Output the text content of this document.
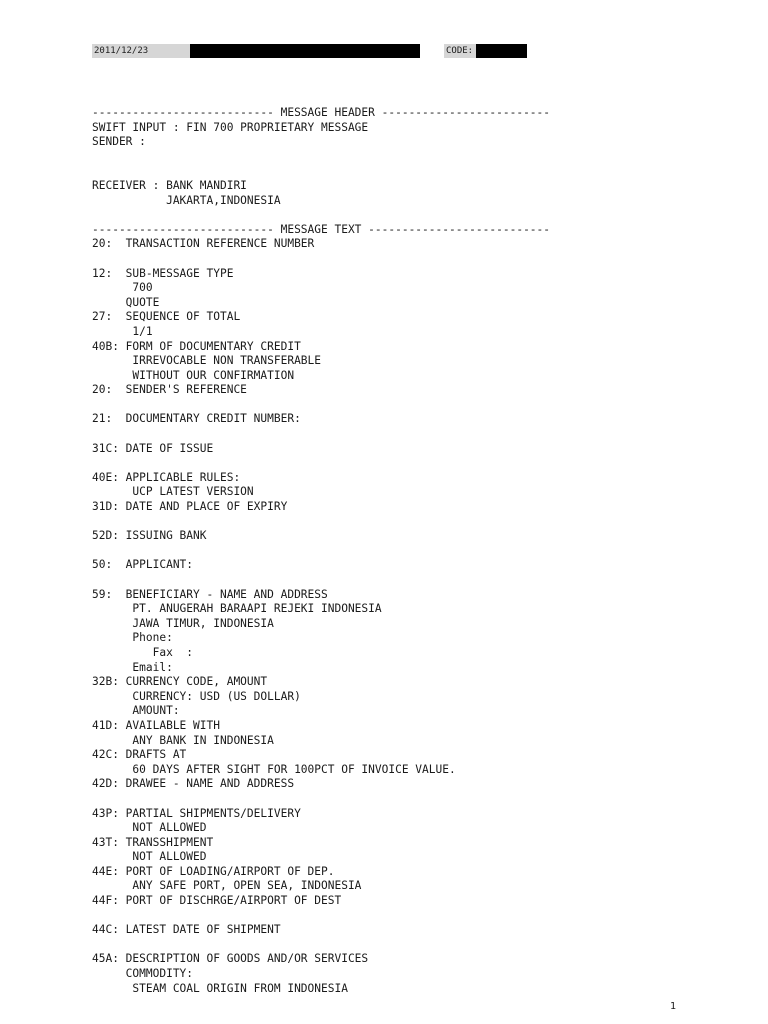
2011/12/23	CODE:
--------------------------- MESSAGE HEADER -------------------------
SWIFT INPUT : FIN 700 PROPRIETARY MESSAGE
SENDER :
RECEIVER : BANK MANDIRI
JAKARTA,INDONESIA
--------------------------- MESSAGE TEXT ---------------------------
20:  TRANSACTION REFERENCE NUMBER
12:  SUB-MESSAGE TYPE
700
QUOTE
27:  SEQUENCE OF TOTAL
1/1
40B: FORM OF DOCUMENTARY CREDIT
IRREVOCABLE NON TRANSFERABLE
WITHOUT OUR CONFIRMATION
20:  SENDER'S REFERENCE
21:  DOCUMENTARY CREDIT NUMBER:
31C: DATE OF ISSUE
40E: APPLICABLE RULES:
UCP LATEST VERSION
31D: DATE AND PLACE OF EXPIRY
52D: ISSUING BANK
50:  APPLICANT:
59:  BENEFICIARY - NAME AND ADDRESS
PT. ANUGERAH BARAAPI REJEKI INDONESIA
JAWA TIMUR, INDONESIA
Phone:
Fax  :
Email:
32B: CURRENCY CODE, AMOUNT
CURRENCY: USD (US DOLLAR)
AMOUNT:
41D: AVAILABLE WITH
ANY BANK IN INDONESIA
42C: DRAFTS AT
60 DAYS AFTER SIGHT FOR 100PCT OF INVOICE VALUE.
42D: DRAWEE - NAME AND ADDRESS
43P: PARTIAL SHIPMENTS/DELIVERY
NOT ALLOWED
43T: TRANSSHIPMENT
NOT ALLOWED
44E: PORT OF LOADING/AIRPORT OF DEP.
ANY SAFE PORT, OPEN SEA, INDONESIA
44F: PORT OF DISCHRGE/AIRPORT OF DEST
44C: LATEST DATE OF SHIPMENT
45A: DESCRIPTION OF GOODS AND/OR SERVICES
COMMODITY:
STEAM COAL ORIGIN FROM INDONESIA
1
